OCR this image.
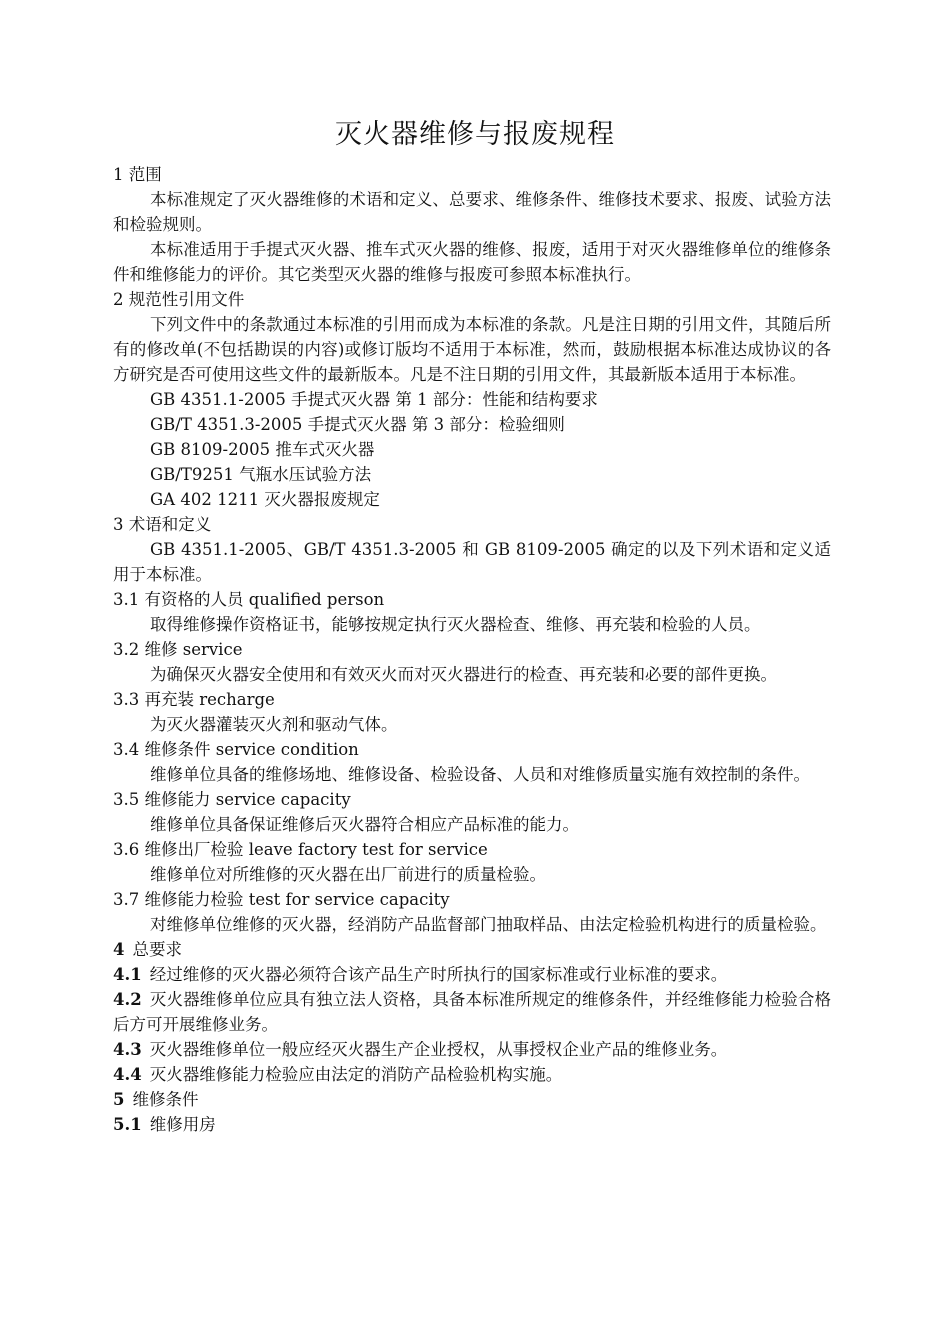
灭火器维修与报废规程

1 范围

本标准规定了灭火器维修的术语和定义、总要求、维修条件、维修技术要求、报废、试验方法和检验规则。

本标准适用于手提式灭火器、推车式灭火器的维修、报废，适用于对灭火器维修单位的维修条件和维修能力的评价。其它类型灭火器的维修与报废可参照本标准执行。

2 规范性引用文件

下列文件中的条款通过本标准的引用而成为本标准的条款。凡是注日期的引用文件，其随后所有的修改单(不包括勘误的内容)或修订版均不适用于本标准，然而，鼓励根据本标准达成协议的各方研究是否可使用这些文件的最新版本。凡是不注日期的引用文件，其最新版本适用于本标准。

GB 4351.1-2005 手提式灭火器 第 1 部分：性能和结构要求

GB/T 4351.3-2005 手提式灭火器 第 3 部分：检验细则

GB 8109-2005 推车式灭火器

GB/T9251 气瓶水压试验方法

GA 402 1211 灭火器报废规定

3 术语和定义

GB 4351.1-2005、GB/T 4351.3-2005 和 GB 8109-2005 确定的以及下列术语和定义适用于本标准。

3.1 有资格的人员 qualified person

取得维修操作资格证书，能够按规定执行灭火器检查、维修、再充装和检验的人员。

3.2 维修 service

为确保灭火器安全使用和有效灭火而对灭火器进行的检查、再充装和必要的部件更换。

3.3 再充装 recharge

为灭火器灌装灭火剂和驱动气体。

3.4 维修条件 service condition

维修单位具备的维修场地、维修设备、检验设备、人员和对维修质量实施有效控制的条件。

3.5 维修能力 service capacity

维修单位具备保证维修后灭火器符合相应产品标准的能力。

3.6 维修出厂检验 leave factory test for service

维修单位对所维修的灭火器在出厂前进行的质量检验。

3.7 维修能力检验 test for service capacity

对维修单位维修的灭火器，经消防产品监督部门抽取样品、由法定检验机构进行的质量检验。

4 总要求

4.1 经过维修的灭火器必须符合该产品生产时所执行的国家标准或行业标准的要求。

4.2 灭火器维修单位应具有独立法人资格，具备本标准所规定的维修条件，并经维修能力检验合格后方可开展维修业务。

4.3 灭火器维修单位一般应经灭火器生产企业授权，从事授权企业产品的维修业务。

4.4 灭火器维修能力检验应由法定的消防产品检验机构实施。

5 维修条件

5.1 维修用房
